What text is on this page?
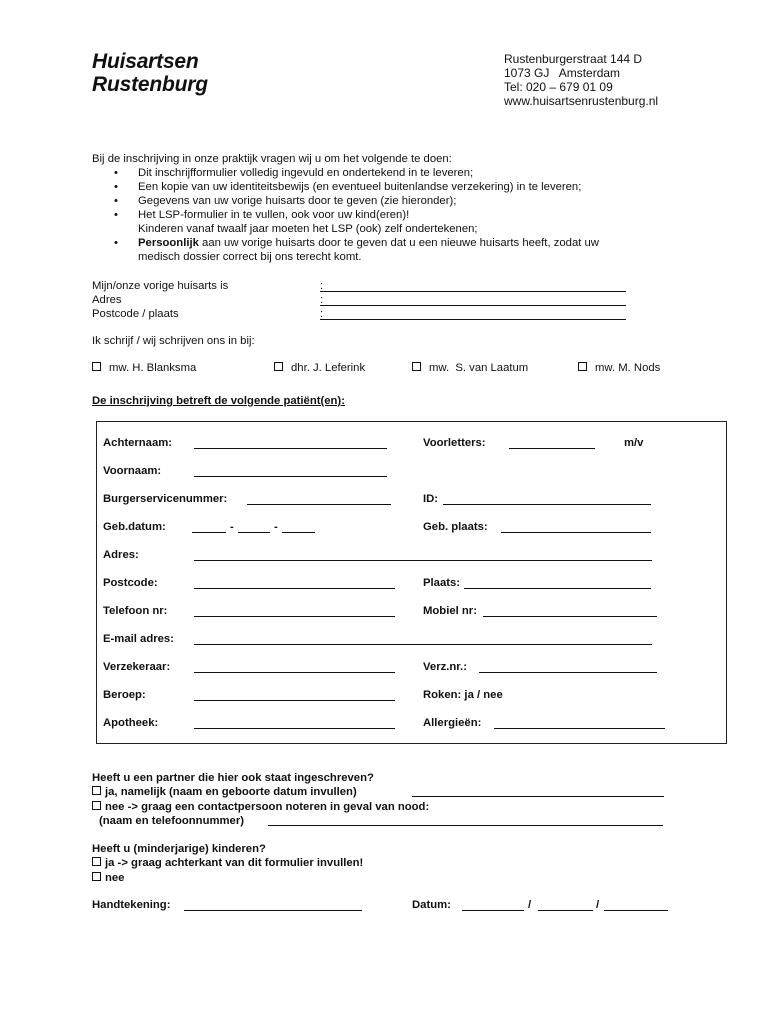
Huisartsen
Rustenburg
Rustenburgerstraat 144 D
1073 GJ   Amsterdam
Tel: 020 – 679 01 09
www.huisartsenrustenburg.nl
Bij de inschrijving in onze praktijk vragen wij u om het volgende te doen:
• Dit inschrijfformulier volledig ingevuld en ondertekend in te leveren;
• Een kopie van uw identiteitsbewijs (en eventueel buitenlandse verzekering) in te leveren;
• Gegevens van uw vorige huisarts door te geven (zie hieronder);
• Het LSP-formulier in te vullen, ook voor uw kind(eren)!
Kinderen vanaf twaalf jaar moeten het LSP (ook) zelf ondertekenen;
• Persoonlijk aan uw vorige huisarts door te geven dat u een nieuwe huisarts heeft, zodat uw
medisch dossier correct bij ons terecht komt.
Mijn/onze vorige huisarts is	:
Adres	:
Postcode / plaats	:
Ik schrijf / wij schrijven ons in bij:
mw. H. Blanksma	dhr. J. Leferink	mw.  S. van Laatum	mw. M. Nods
De inschrijving betreft de volgende patiënt(en):
Achternaam:	Voorletters:	m/v
Voornaam:
Burgerservicenummer:	ID:
Geb.datum:	-	-	Geb. plaats:
Adres:
Postcode:	Plaats:
Telefoon nr:	Mobiel nr:
E-mail adres:
Verzekeraar:	Verz.nr.:
Beroep:	Roken: ja / nee
Apotheek:	Allergieën:
Heeft u een partner die hier ook staat ingeschreven?
ja, namelijk (naam en geboorte datum invullen)
nee -> graag een contactpersoon noteren in geval van nood:
(naam en telefoonnummer)
Heeft u (minderjarige) kinderen?
ja -> graag achterkant van dit formulier invullen!
nee
Handtekening:	Datum:	/	/
